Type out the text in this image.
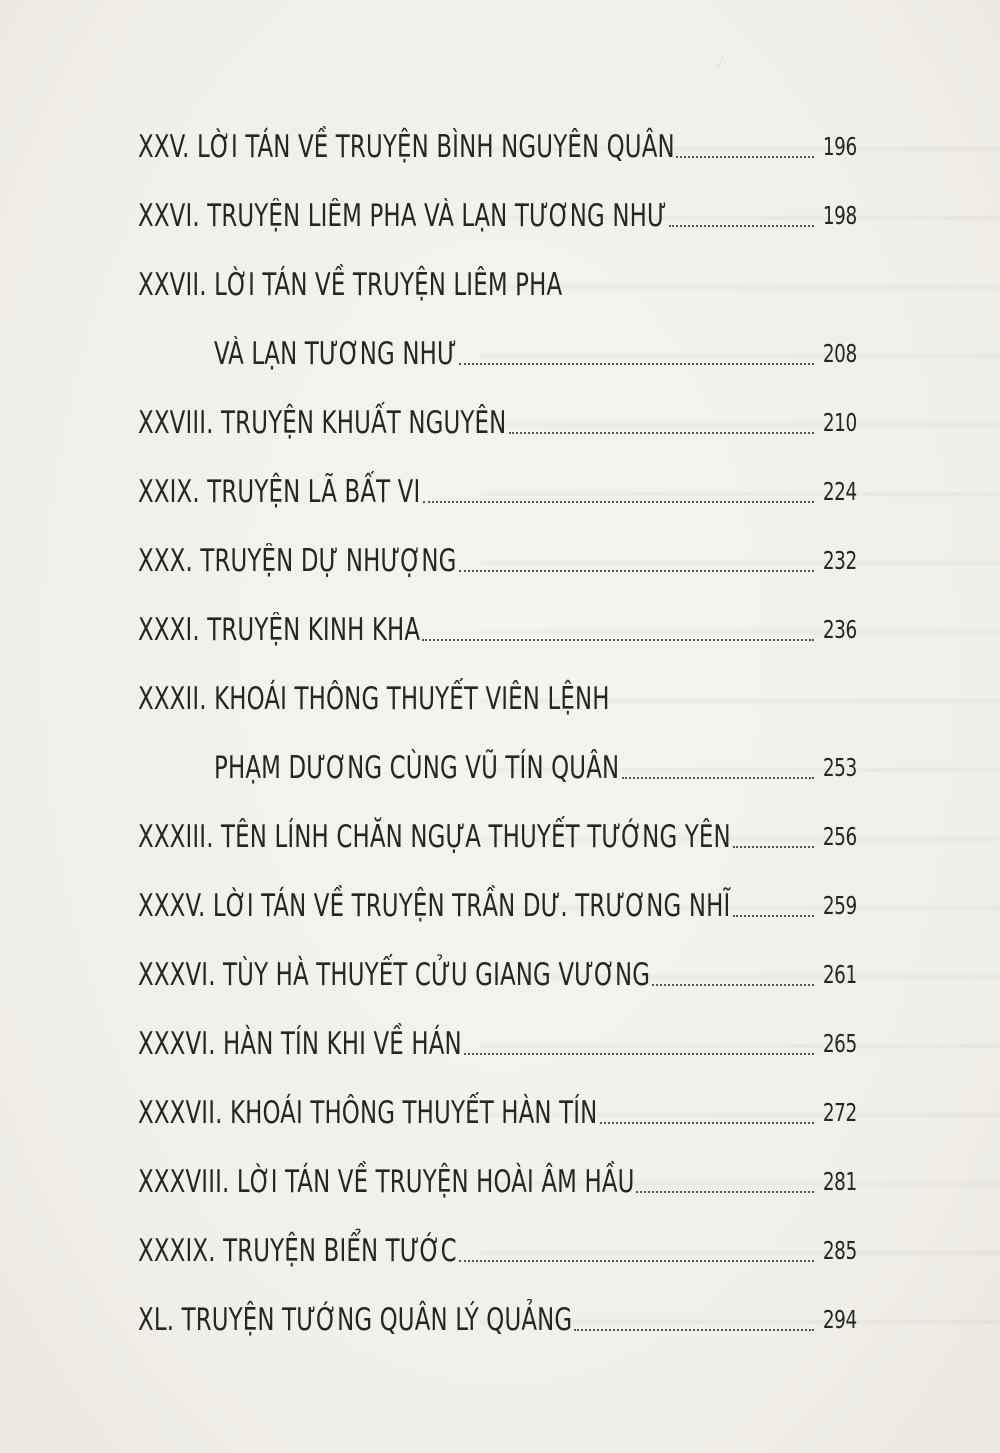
XXV. LỜI TÁN VỀ TRUYỆN BÌNH NGUYÊN QUÂN	196
XXVI. TRUYỆN LIÊM PHA VÀ LẠN TƯƠNG NHƯ	198
XXVII. LỜI TÁN VỀ TRUYỆN LIÊM PHA
VÀ LẠN TƯƠNG NHƯ	208
XXVIII. TRUYỆN KHUẤT NGUYÊN	210
XXIX. TRUYỆN LÃ BẤT VI	224
XXX. TRUYỆN DỰ NHƯỢNG	232
XXXI. TRUYỆN KINH KHA	236
XXXII. KHOÁI THÔNG THUYẾT VIÊN LỆNH
PHẠM DƯƠNG CÙNG VŨ TÍN QUÂN	253
XXXIII. TÊN LÍNH CHĂN NGỰA THUYẾT TƯỚNG YÊN	256
XXXV. LỜI TÁN VỀ TRUYỆN TRẦN DƯ. TRƯƠNG NHĨ	259
XXXVI. TÙY HÀ THUYẾT CỬU GIANG VƯƠNG	261
XXXVI. HÀN TÍN KHI VỀ HÁN	265
XXXVII. KHOÁI THÔNG THUYẾT HÀN TÍN	272
XXXVIII. LỜI TÁN VỀ TRUYỆN HOÀI ÂM HẦU	281
XXXIX. TRUYỆN BIỂN TƯỚC	285
XL. TRUYỆN TƯỚNG QUÂN LÝ QUẢNG	294
